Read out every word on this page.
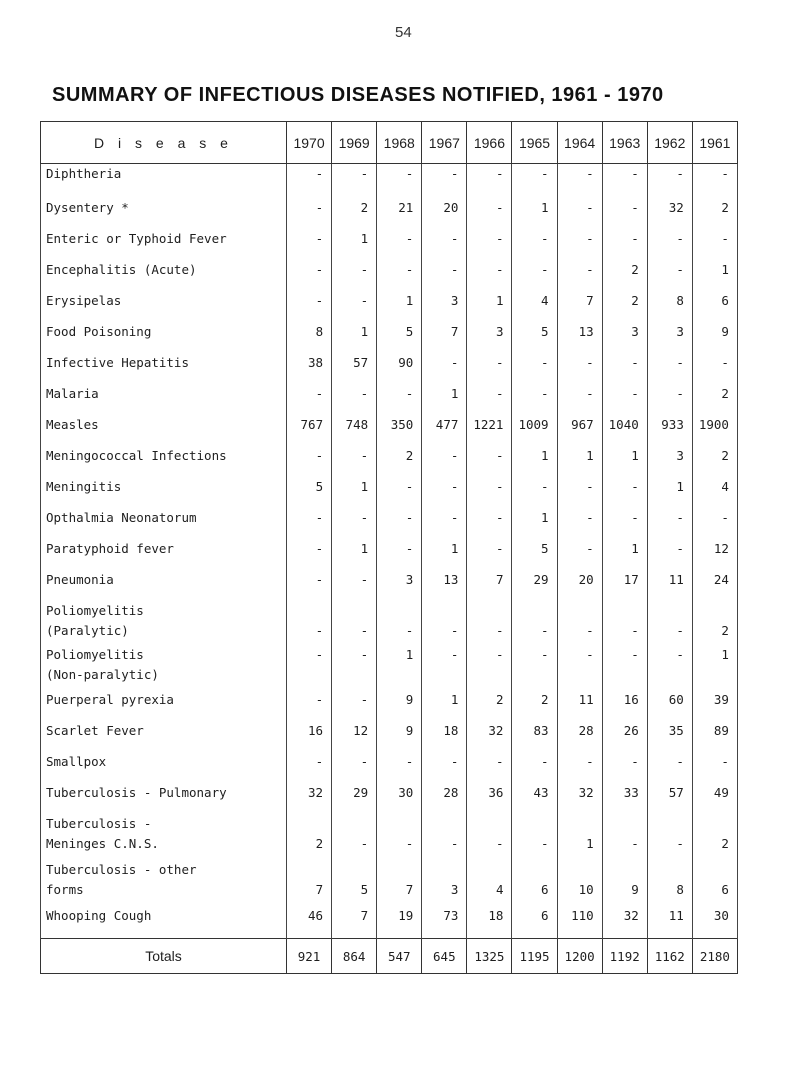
54
SUMMARY OF INFECTIOUS DISEASES NOTIFIED, 1961 - 1970
D i s e a s e	1970	1969	1968	1967	1966	1965	1964	1963	1962	1961
Diphtheria	-	-	-	-	-	-	-	-	-	-
Dysentery *	-	2	21	20	-	1	-	-	32	2
Enteric or Typhoid Fever	-	1	-	-	-	-	-	-	-	-
Encephalitis (Acute)	-	-	-	-	-	-	-	2	-	1
Erysipelas	-	-	1	3	1	4	7	2	8	6
Food Poisoning	8	1	5	7	3	5	13	3	3	9
Infective Hepatitis	38	57	90	-	-	-	-	-	-	-
Malaria	-	-	-	1	-	-	-	-	-	2
Measles	767	748	350	477	1221	1009	967	1040	933	1900
Meningococcal Infections	-	-	2	-	-	1	1	1	3	2
Meningitis	5	1	-	-	-	-	-	-	1	4
Opthalmia Neonatorum	-	-	-	-	-	1	-	-	-	-
Paratyphoid fever	-	1	-	1	-	5	-	1	-	12
Pneumonia	-	-	3	13	7	29	20	17	11	24
Poliomyelitis
(Paralytic)	-	-	-	-	-	-	-	-	-	2
Poliomyelitis
(Non-paralytic)	-	-	1	-	-	-	-	-	-	1
Puerperal pyrexia	-	-	9	1	2	2	11	16	60	39
Scarlet Fever	16	12	9	18	32	83	28	26	35	89
Smallpox	-	-	-	-	-	-	-	-	-	-
Tuberculosis - Pulmonary	32	29	30	28	36	43	32	33	57	49
Tuberculosis -
Meninges C.N.S.	2	-	-	-	-	-	1	-	-	2
Tuberculosis - other
forms	7	5	7	3	4	6	10	9	8	6
Whooping Cough	46	7	19	73	18	6	110	32	11	30
Totals	921	864	547	645	1325	1195	1200	1192	1162	2180
